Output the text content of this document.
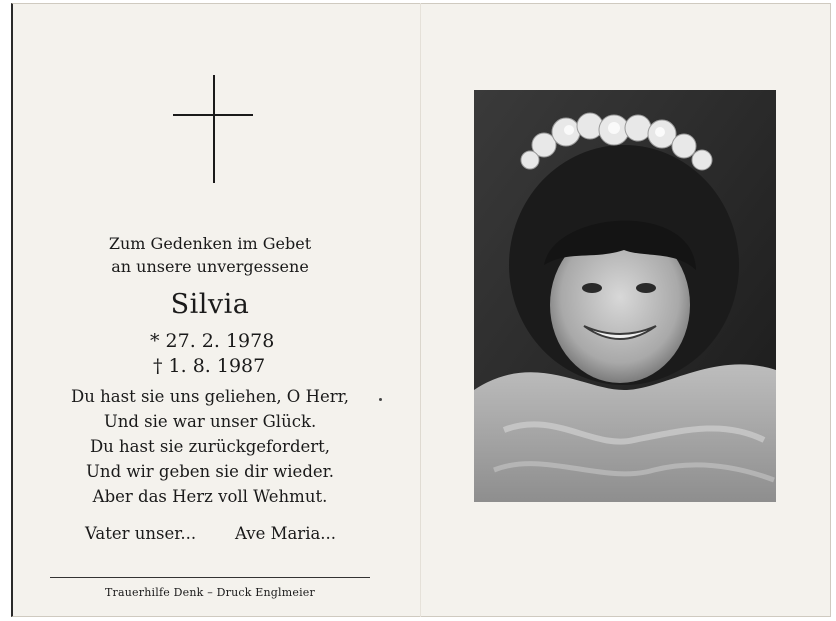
Zum Gedenken im Gebet
an unsere unvergessene
Silvia
* 27. 2. 1978
† 1. 8. 1987
Du hast sie uns geliehen, O Herr,
Und sie war unser Glück.
Du hast sie zurückgefordert,
Und wir geben sie dir wieder.
Aber das Herz voll Wehmut.
Vater unser... Ave Maria...
Trauerhilfe Denk – Druck Englmeier
